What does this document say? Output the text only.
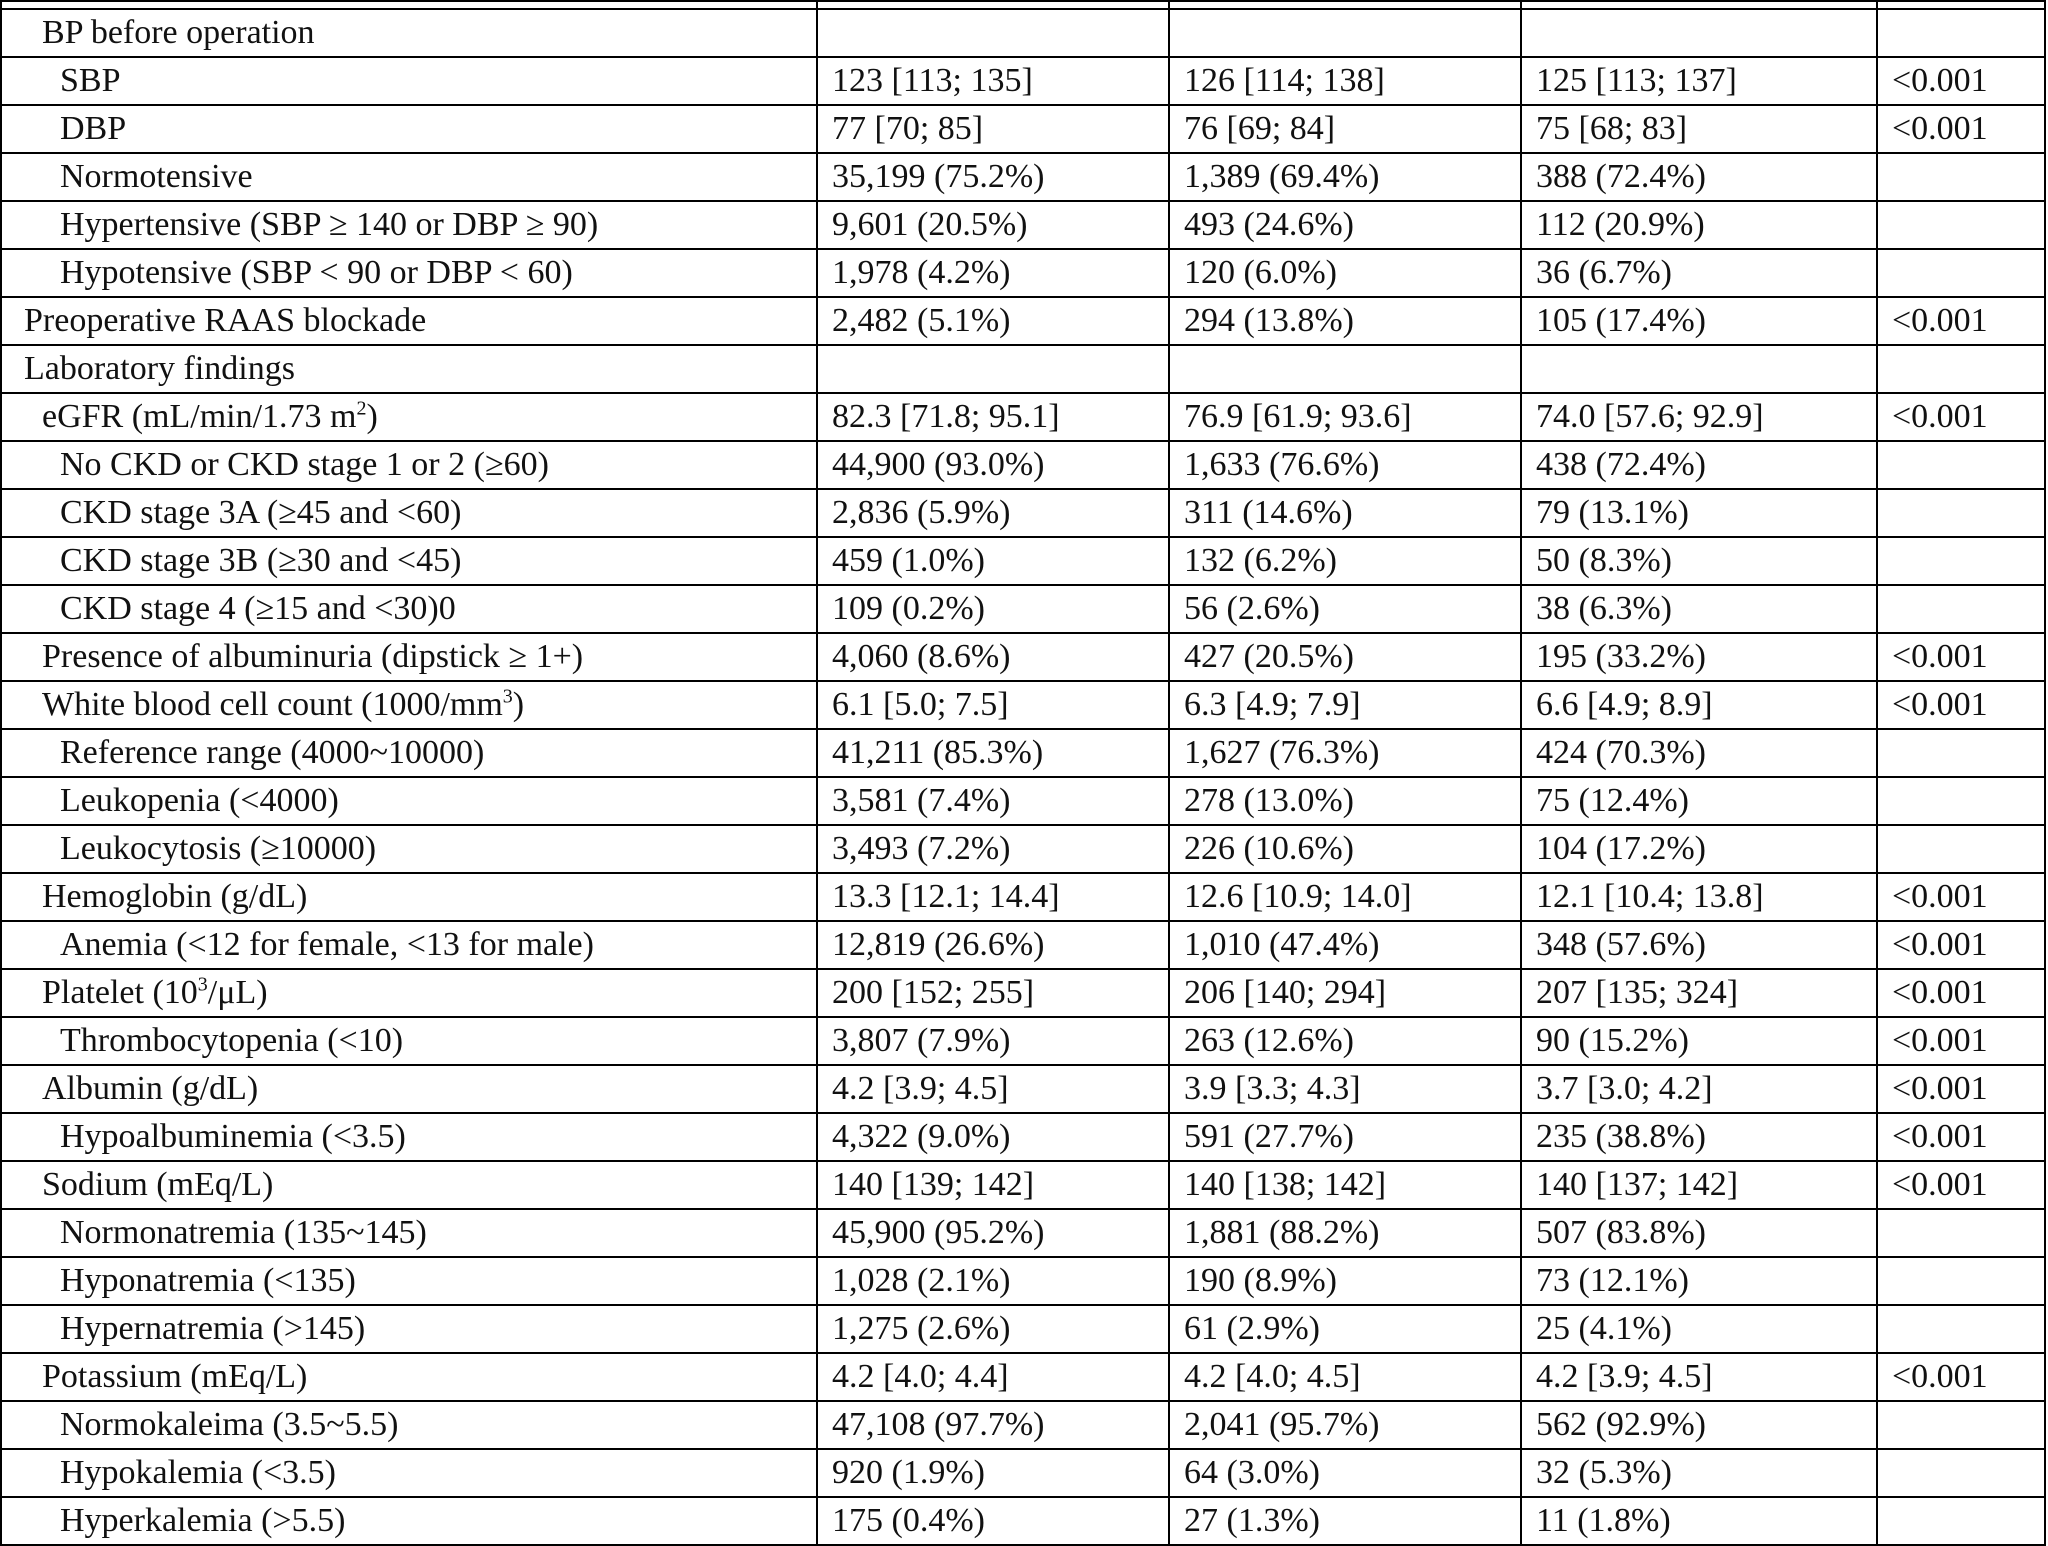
BP before operation				
SBP	123 [113; 135]	126 [114; 138]	125 [113; 137]	<0.001
DBP	77 [70; 85]	76 [69; 84]	75 [68; 83]	<0.001
Normotensive	35,199 (75.2%)	1,389 (69.4%)	388 (72.4%)	
Hypertensive (SBP ≥ 140 or DBP ≥ 90)	9,601 (20.5%)	493 (24.6%)	112 (20.9%)	
Hypotensive (SBP < 90 or DBP < 60)	1,978 (4.2%)	120 (6.0%)	36 (6.7%)	
Preoperative RAAS blockade	2,482 (5.1%)	294 (13.8%)	105 (17.4%)	<0.001
Laboratory findings				
eGFR (mL/min/1.73 $m^2$)	82.3 [71.8; 95.1]	76.9 [61.9; 93.6]	74.0 [57.6; 92.9]	<0.001
No CKD or CKD stage 1 or 2 (≥60)	44,900 (93.0%)	1,633 (76.6%)	438 (72.4%)	
CKD stage 3A (≥45 and <60)	2,836 (5.9%)	311 (14.6%)	79 (13.1%)	
CKD stage 3B (≥30 and <45)	459 (1.0%)	132 (6.2%)	50 (8.3%)	
CKD stage 4 (≥15 and <30)0	109 (0.2%)	56 (2.6%)	38 (6.3%)	
Presence of albuminuria (dipstick ≥ 1+)	4,060 (8.6%)	427 (20.5%)	195 (33.2%)	<0.001
White blood cell count $(1000/mm^3)$	6.1 [5.0; 7.5]	6.3 [4.9; 7.9]	6.6 [4.9; 8.9]	<0.001
Reference range (4000~10000)	41,211 (85.3%)	1,627 (76.3%)	424 (70.3%)	
Leukopenia (<4000)	3,581 (7.4%)	278 (13.0%)	75 (12.4%)	
Leukocytosis (≥10000)	3,493 (7.2%)	226 (10.6%)	104 (17.2%)	
Hemoglobin (g/dL)	13.3 [12.1; 14.4]	12.6 [10.9; 14.0]	12.1 [10.4; 13.8]	<0.001
Anemia (<12 for female, <13 for male)	12,819 (26.6%)	1,010 (47.4%)	348 (57.6%)	<0.001
Platelet $(10^3/\mu L)$	200 [152; 255]	206 [140; 294]	207 [135; 324]	<0.001
Thrombocytopenia (<10)	3,807 (7.9%)	263 (12.6%)	90 (15.2%)	<0.001
Albumin (g/dL)	4.2 [3.9; 4.5]	3.9 [3.3; 4.3]	3.7 [3.0; 4.2]	<0.001
Hypoalbuminemia (<3.5)	4,322 (9.0%)	591 (27.7%)	235 (38.8%)	<0.001
Sodium (mEq/L)	140 [139; 142]	140 [138; 142]	140 [137; 142]	<0.001
Normonatremia (135~145)	45,900 (95.2%)	1,881 (88.2%)	507 (83.8%)	
Hyponatremia (<135)	1,028 (2.1%)	190 (8.9%)	73 (12.1%)	
Hypernatremia (>145)	1,275 (2.6%)	61 (2.9%)	25 (4.1%)	
Potassium (mEq/L)	4.2 [4.0; 4.4]	4.2 [4.0; 4.5]	4.2 [3.9; 4.5]	<0.001
Normokaleima (3.5~5.5)	47,108 (97.7%)	2,041 (95.7%)	562 (92.9%)	
Hypokalemia (<3.5)	920 (1.9%)	64 (3.0%)	32 (5.3%)	
Hyperkalemia (>5.5)	175 (0.4%)	27 (1.3%)	11 (1.8%)	
